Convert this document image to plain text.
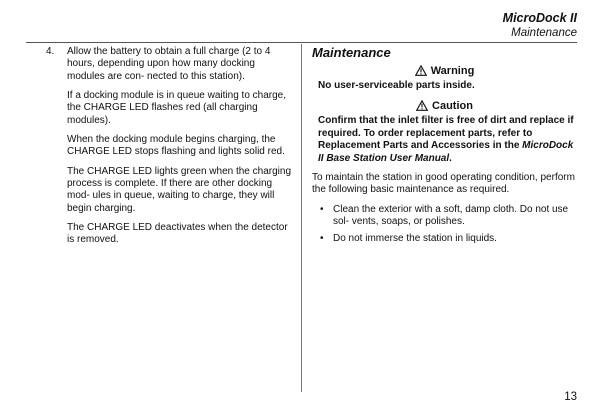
MicroDock II
Maintenance
4. Allow the battery to obtain a full charge (2 to 4 hours, depending upon how many docking modules are con- nected to this station).

If a docking module is in queue waiting to charge, the CHARGE LED flashes red (all charging modules).

When the docking module begins charging, the CHARGE LED stops flashing and lights solid red.

The CHARGE LED lights green when the charging process is complete. If there are other docking mod- ules in queue, waiting to charge, they will begin charging.

The CHARGE LED deactivates when the detector is removed.

Maintenance
Warning
No user-serviceable parts inside.
Caution
Confirm that the inlet filter is free of dirt and replace if required. To order replacement parts, refer to Replacement Parts and Accessories in the MicroDock II Base Station User Manual.

To maintain the station in good operating condition, perform the following basic maintenance as required.

• Clean the exterior with a soft, damp cloth. Do not use sol- vents, soaps, or polishes.
• Do not immerse the station in liquids.
13
